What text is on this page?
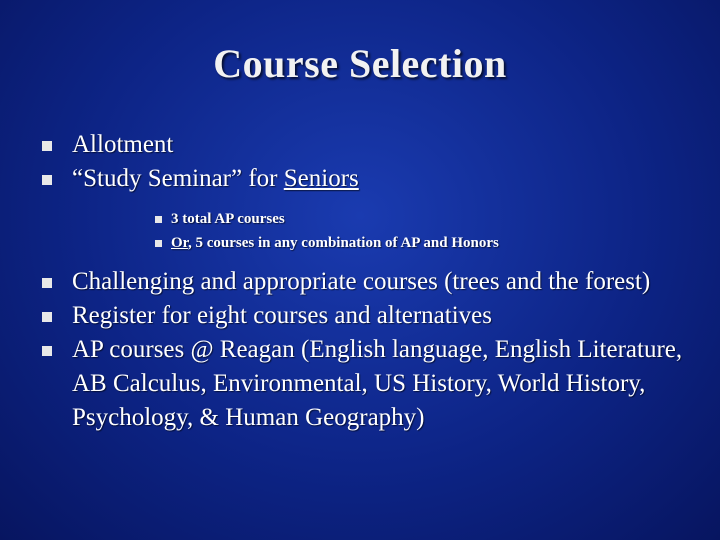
Course Selection
Allotment
“Study Seminar” for Seniors
3 total AP courses
Or, 5 courses in any combination of AP and Honors
Challenging and appropriate courses (trees and the forest)
Register for eight courses and alternatives
AP courses @ Reagan (English language, English Literature, AB Calculus, Environmental, US History, World History, Psychology, & Human Geography)
